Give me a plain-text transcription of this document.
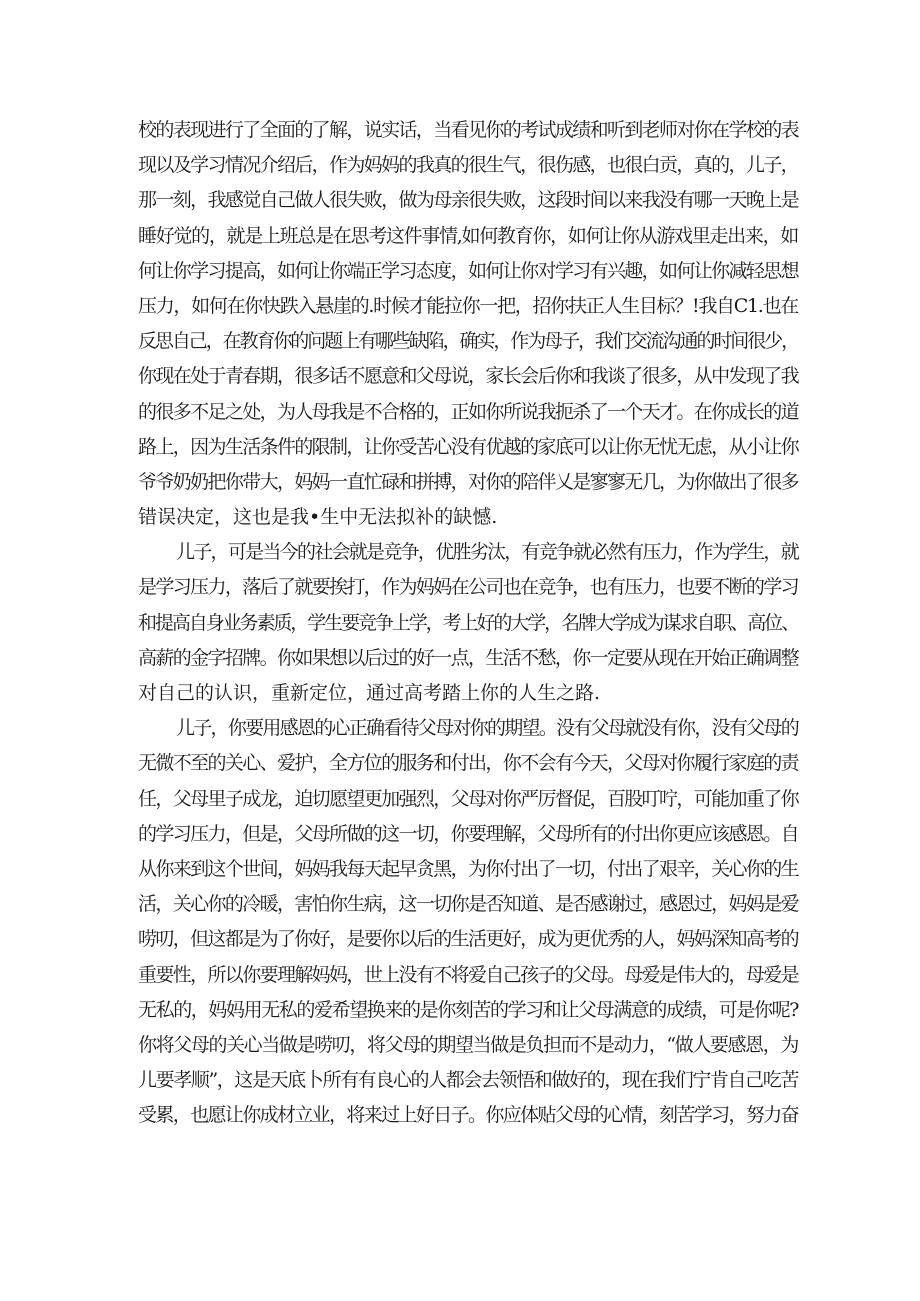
校的表现进行了全面的了解，说实话，当看见你的考试成绩和听到老师对你在学校的表
现以及学习情况介绍后，作为妈妈的我真的很生气，很伤感，也很白贡，真的，儿子，
那一刻，我感觉自己做人很失败，做为母亲很失败，这段时间以来我没有哪一天晚上是
睡好觉的，就是上班总是在思考这件事情,如何教育你，如何让你从游戏里走出来，如
何让你学习提高，如何让你端正学习态度，如何让你对学习有兴趣，如何让你减轻思想
压力，如何在你快跌入悬崖的.时候才能拉你一把，招你扶正人生目标？!我自C1.也在
反思自己，在教育你的问题上有哪些缺陷，确实，作为母子，我们交流沟通的时间很少，
你现在处于青春期，很多话不愿意和父母说，家长会后你和我谈了很多，从中发现了我
的很多不足之处，为人母我是不合格的，正如你所说我扼杀了一个天才。在你成长的道
路上，因为生活条件的限制，让你受苦心没有优越的家底可以让你无忧无虑，从小让你
爷爷奶奶把你带大，妈妈一直忙碌和拼搏，对你的陪伴乂是寥寥无几，为你做出了很多
错误决定，这也是我•生中无法拟补的缺憾.
儿子，可是当今的社会就是竞争，优胜劣汰，有竞争就必然有压力，作为学生，就
是学习压力，落后了就要挨打，作为妈妈在公司也在竞争，也有压力，也要不断的学习
和提高自身业务素质，学生要竞争上学，考上好的大学，名牌大学成为谋求自职、高位、
高薪的金字招牌。你如果想以后过的好一点，生活不愁，你一定要从现在开始正确调整
对自己的认识，重新定位，通过高考踏上你的人生之路.
儿子，你要用感恩的心正确看待父母对你的期望。没有父母就没有你，没有父母的
无微不至的关心、爱护，全方位的服务和付出，你不会有今天，父母对你履行家庭的责
任，父母里子成龙，迫切愿望更加强烈，父母对你严厉督促，百股叮咛，可能加重了你
的学习压力，但是，父母所做的这一切，你要理解，父母所有的付出你更应该感恩。自
从你来到这个世间，妈妈我每天起早贪黑，为你付出了一切，付出了艰辛，关心你的生
活，关心你的冷暖，害怕你生病，这一切你是否知道、是否感谢过，感恩过，妈妈是爱
唠叨，但这都是为了你好，是要你以后的生活更好，成为更优秀的人，妈妈深知高考的
重要性，所以你要理解妈妈，世上没有不将爱自己孩子的父母。母爱是伟大的，母爱是
无私的，妈妈用无私的爱希望换来的是你刻苦的学习和让父母满意的成绩，可是你呢?
你将父母的关心当做是唠叨，将父母的期望当做是负担而不是动力，“做人要感恩，为
儿要孝顺”，这是天底卜所有有良心的人都会去领悟和做好的，现在我们宁肯自己吃苦
受累，也愿让你成材立业，将来过上好日子。你应体贴父母的心情，刻苦学习，努力奋
